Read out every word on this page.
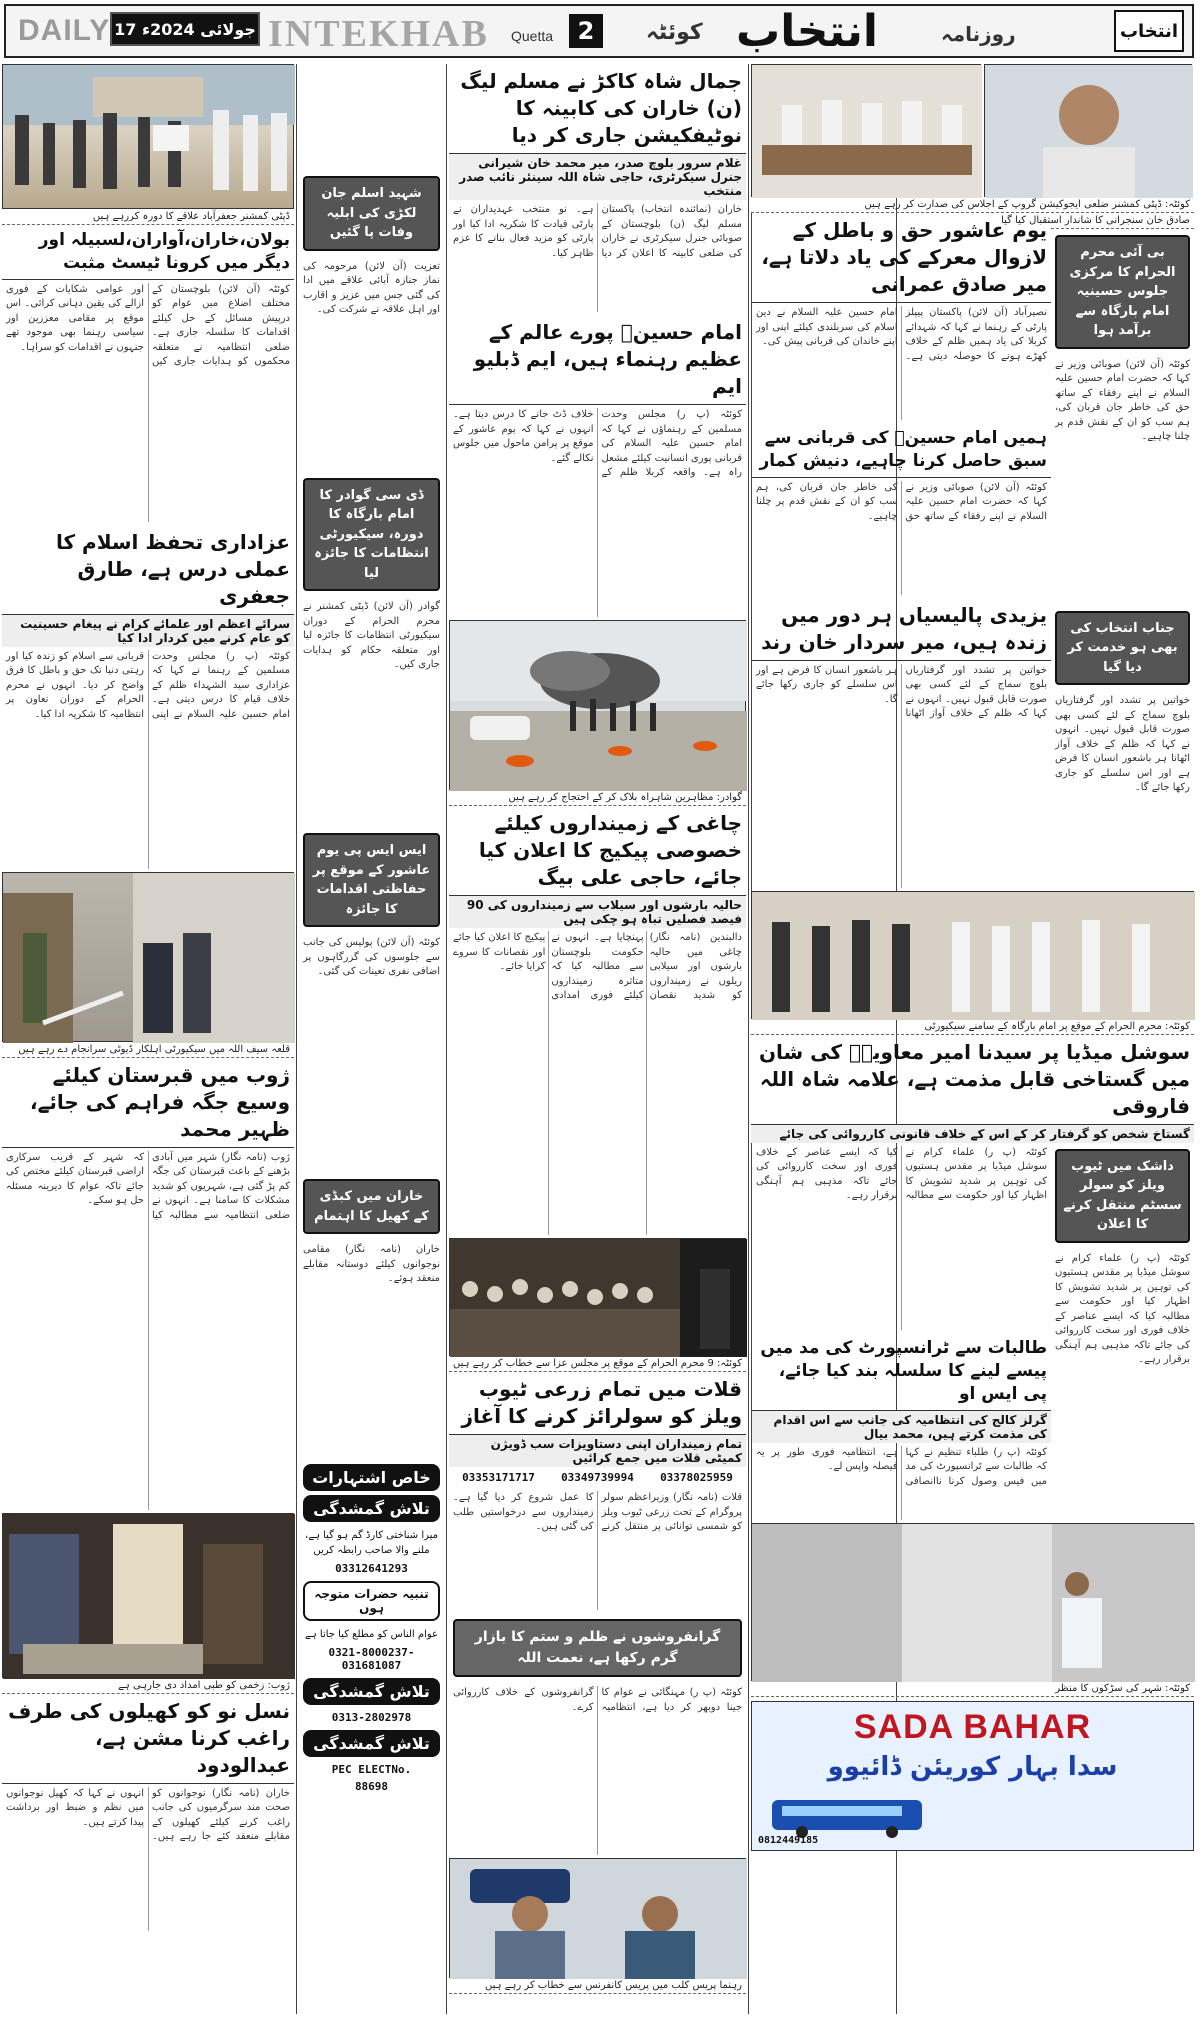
DAILY 17 جولائی 2024ء INTEKHAB Quetta	2	کوئٹہ انتخاب	روزنامہ	انتخاب
ڈپٹی کمشنر جعفرآباد علاقے کا دورہ کررہے ہیں
بولان،خاران،آواران،لسبیلہ اور دیگر میں کرونا ٹیسٹ مثبت
کوئٹہ (آن لائن) بلوچستان کے مختلف اضلاع میں عوام کو درپیش مسائل کے حل کیلئے اقدامات کا سلسلہ جاری ہے۔ ضلعی انتظامیہ نے متعلقہ محکموں کو ہدایات جاری کیں اور عوامی شکایات کے فوری ازالے کی یقین دہانی کرائی۔ اس موقع پر مقامی معززین اور سیاسی رہنما بھی موجود تھے جنہوں نے اقدامات کو سراہا۔
عزاداری تحفظ اسلام کا عملی درس ہے، طارق جعفری
سرائے اعظم اور علمائے کرام نے پیغام حسینیت کو عام کرنے میں کردار ادا کیا
کوئٹہ (پ ر) مجلس وحدت مسلمین کے رہنما نے کہا کہ عزاداری سید الشہداء ظلم کے خلاف قیام کا درس دیتی ہے۔ امام حسین علیہ السلام نے اپنی قربانی سے اسلام کو زندہ کیا اور رہتی دنیا تک حق و باطل کا فرق واضح کر دیا۔ انہوں نے محرم الحرام کے دوران تعاون پر انتظامیہ کا شکریہ ادا کیا۔
قلعہ سیف اللہ میں سیکیورٹی اہلکار ڈیوٹی سرانجام دے رہے ہیں
ژوب میں قبرستان کیلئے وسیع جگہ فراہم کی جائے، ظہیر محمد
ژوب (نامہ نگار) شہر میں آبادی بڑھنے کے باعث قبرستان کی جگہ کم پڑ گئی ہے، شہریوں کو شدید مشکلات کا سامنا ہے۔ انہوں نے ضلعی انتظامیہ سے مطالبہ کیا کہ شہر کے قریب سرکاری اراضی قبرستان کیلئے مختص کی جائے تاکہ عوام کا دیرینہ مسئلہ حل ہو سکے۔
ژوب: زخمی کو طبی امداد دی جارہی ہے
نسل نو کو کھیلوں کی طرف راغب کرنا مشن ہے، عبدالودود
خاران (نامہ نگار) نوجوانوں کو صحت مند سرگرمیوں کی جانب راغب کرنے کیلئے کھیلوں کے مقابلے منعقد کئے جا رہے ہیں۔ انہوں نے کہا کہ کھیل نوجوانوں میں نظم و ضبط اور برداشت پیدا کرتے ہیں۔
شہید اسلم جان لکڑی کی ابلیہ وفات پا گئیں
تعزیت (آن لائن) مرحومہ کی نماز جنازہ آبائی علاقے میں ادا کی گئی جس میں عزیز و اقارب اور اہل علاقہ نے شرکت کی۔
ڈی سی گوادر کا امام بارگاہ کا دورہ، سیکیورٹی انتظامات کا جائزہ لیا
گوادر (آن لائن) ڈپٹی کمشنر نے محرم الحرام کے دوران سیکیورٹی انتظامات کا جائزہ لیا اور متعلقہ حکام کو ہدایات جاری کیں۔
ایس ایس پی یوم عاشور کے موقع پر حفاظتی اقدامات کا جائزہ
کوئٹہ (آن لائن) پولیس کی جانب سے جلوسوں کی گزرگاہوں پر اضافی نفری تعینات کی گئی۔
خاران میں کبڈی کے کھیل کا اہتمام
خاران (نامہ نگار) مقامی نوجوانوں کیلئے دوستانہ مقابلے منعقد ہوئے۔
خاص اشتہارات
تلاش گمشدگی
میرا شناختی کارڈ گم ہو گیا ہے، ملنے والا صاحب رابطہ کریں
03312641293
تنبیہ حضرات متوجہ ہوں
عوام الناس کو مطلع کیا جاتا ہے
0321-8000237-031681087
تلاش گمشدگی
0313-2802978
تلاش گمشدگی
PEC ELECTNo.
88698
جمال شاہ کاکڑ نے مسلم لیگ (ن) خاران کی کابینہ کا نوٹیفکیشن جاری کر دیا
غلام سرور بلوچ صدر، میر محمد خان شیرانی جنرل سیکرٹری، حاجی شاہ اللہ سینئر نائب صدر منتخب
خاران (نمائندہ انتخاب) پاکستان مسلم لیگ (ن) بلوچستان کے صوبائی جنرل سیکرٹری نے خاران کی ضلعی کابینہ کا اعلان کر دیا ہے۔ نو منتخب عہدیداران نے پارٹی قیادت کا شکریہ ادا کیا اور پارٹی کو مزید فعال بنانے کا عزم ظاہر کیا۔
امام حسینؑ پورے عالم کے عظیم رہنماء ہیں، ایم ڈبلیو ایم
کوئٹہ (پ ر) مجلس وحدت مسلمین کے رہنماؤں نے کہا کہ امام حسین علیہ السلام کی قربانی پوری انسانیت کیلئے مشعل راہ ہے۔ واقعہ کربلا ظلم کے خلاف ڈٹ جانے کا درس دیتا ہے۔ انہوں نے کہا کہ یوم عاشور کے موقع پر پرامن ماحول میں جلوس نکالے گئے۔
گوادر: مظاہرین شاہراہ بلاک کر کے احتجاج کر رہے ہیں
چاغی کے زمینداروں کیلئے خصوصی پیکیج کا اعلان کیا جائے، حاجی علی بیگ
حالیہ بارشوں اور سیلاب سے زمینداروں کی 90 فیصد فصلیں تباہ ہو چکی ہیں
دالبندین (نامہ نگار) چاغی میں حالیہ بارشوں اور سیلابی ریلوں نے زمینداروں کو شدید نقصان پہنچایا ہے۔ انہوں نے حکومت بلوچستان سے مطالبہ کیا کہ متاثرہ زمینداروں کیلئے فوری امدادی پیکیج کا اعلان کیا جائے اور نقصانات کا سروے کرایا جائے۔
کوئٹہ: 9 محرم الحرام کے موقع پر مجلس عزا سے خطاب کر رہے ہیں
قلات میں تمام زرعی ٹیوب ویلز کو سولرائز کرنے کا آغاز
تمام زمینداران اپنی دستاویزات سب ڈویژن کمیٹی قلات میں جمع کرائیں
03353171717 03349739994 03378025959
قلات (نامہ نگار) وزیراعظم سولر پروگرام کے تحت زرعی ٹیوب ویلز کو شمسی توانائی پر منتقل کرنے کا عمل شروع کر دیا گیا ہے۔ زمینداروں سے درخواستیں طلب کی گئی ہیں۔
گرانفروشوں نے ظلم و ستم کا بازار گرم رکھا ہے، نعمت اللہ
کوئٹہ (پ ر) مہنگائی نے عوام کا جینا دوبھر کر دیا ہے، انتظامیہ گرانفروشوں کے خلاف کارروائی کرے۔
رہنما پریس کلب میں پریس کانفرنس سے خطاب کر رہے ہیں
کوئٹہ: ڈپٹی کمشنر ضلعی ایجوکیشن گروپ کے اجلاس کی صدارت کر رہے ہیں
یوم عاشور حق و باطل کے لازوال معرکے کی یاد دلاتا ہے، میر صادق عمرانی
نصیرآباد (آن لائن) پاکستان پیپلز پارٹی کے رہنما نے کہا کہ شہدائے کربلا کی یاد ہمیں ظلم کے خلاف کھڑے ہونے کا حوصلہ دیتی ہے۔ امام حسین علیہ السلام نے دین اسلام کی سربلندی کیلئے اپنی اور اپنے خاندان کی قربانی پیش کی۔
ہمیں امام حسینؑ کی قربانی سے سبق حاصل کرنا چاہیے، دنیش کمار
کوئٹہ (آن لائن) صوبائی وزیر نے کہا کہ حضرت امام حسین علیہ السلام نے اپنے رفقاء کے ساتھ حق کی خاطر جان قربان کی، ہم سب کو ان کے نقش قدم پر چلنا چاہیے۔
یزیدی پالیسیاں ہر دور میں زندہ ہیں، میر سردار خان رند
خواتین پر تشدد اور گرفتاریاں بلوچ سماج کے لئے کسی بھی صورت قابل قبول نہیں۔ انہوں نے کہا کہ ظلم کے خلاف آواز اٹھانا ہر باشعور انسان کا فرض ہے اور اس سلسلے کو جاری رکھا جائے گا۔
صادق خان سنجرانی کا شاندار استقبال کیا گیا
بی آئی محرم الحرام کا مرکزی جلوس حسینیہ امام بارگاہ سے برآمد ہوا
کوئٹہ (آن لائن) صوبائی وزیر نے کہا کہ حضرت امام حسین علیہ السلام نے اپنے رفقاء کے ساتھ حق کی خاطر جان قربان کی، ہم سب کو ان کے نقش قدم پر چلنا چاہیے۔
جناب انتخاب کی بھی ہو خدمت کر دیا گیا
خواتین پر تشدد اور گرفتاریاں بلوچ سماج کے لئے کسی بھی صورت قابل قبول نہیں۔ انہوں نے کہا کہ ظلم کے خلاف آواز اٹھانا ہر باشعور انسان کا فرض ہے اور اس سلسلے کو جاری رکھا جائے گا۔
کوئٹہ: محرم الحرام کے موقع پر امام بارگاہ کے سامنے سیکیورٹی
سوشل میڈیا پر سیدنا امیر معاویہؓ کی شان میں گستاخی قابل مذمت ہے، علامہ شاہ اللہ فاروقی
گستاخ شخص کو گرفتار کر کے اس کے خلاف قانونی کارروائی کی جائے
کوئٹہ (پ ر) علماء کرام نے سوشل میڈیا پر مقدس ہستیوں کی توہین پر شدید تشویش کا اظہار کیا اور حکومت سے مطالبہ کیا کہ ایسے عناصر کے خلاف فوری اور سخت کارروائی کی جائے تاکہ مذہبی ہم آہنگی برقرار رہے۔
طالبات سے ٹرانسپورٹ کی مد میں پیسے لینے کا سلسلہ بند کیا جائے، پی ایس او
گرلز کالج کی انتظامیہ کی جانب سے اس اقدام کی مذمت کرتے ہیں، محمد بیال
کوئٹہ (پ ر) طلباء تنظیم نے کہا کہ طالبات سے ٹرانسپورٹ کی مد میں فیس وصول کرنا ناانصافی ہے، انتظامیہ فوری طور پر یہ فیصلہ واپس لے۔
داشک میں ٹیوب ویلز کو سولر سسٹم منتقل کرنے کا اعلان
کوئٹہ (پ ر) علماء کرام نے سوشل میڈیا پر مقدس ہستیوں کی توہین پر شدید تشویش کا اظہار کیا اور حکومت سے مطالبہ کیا کہ ایسے عناصر کے خلاف فوری اور سخت کارروائی کی جائے تاکہ مذہبی ہم آہنگی برقرار رہے۔
کوئٹہ: شہر کی سڑکوں کا منظر
SADA BAHAR
سدا بہار کوریئن ڈائیوو
0812449185
